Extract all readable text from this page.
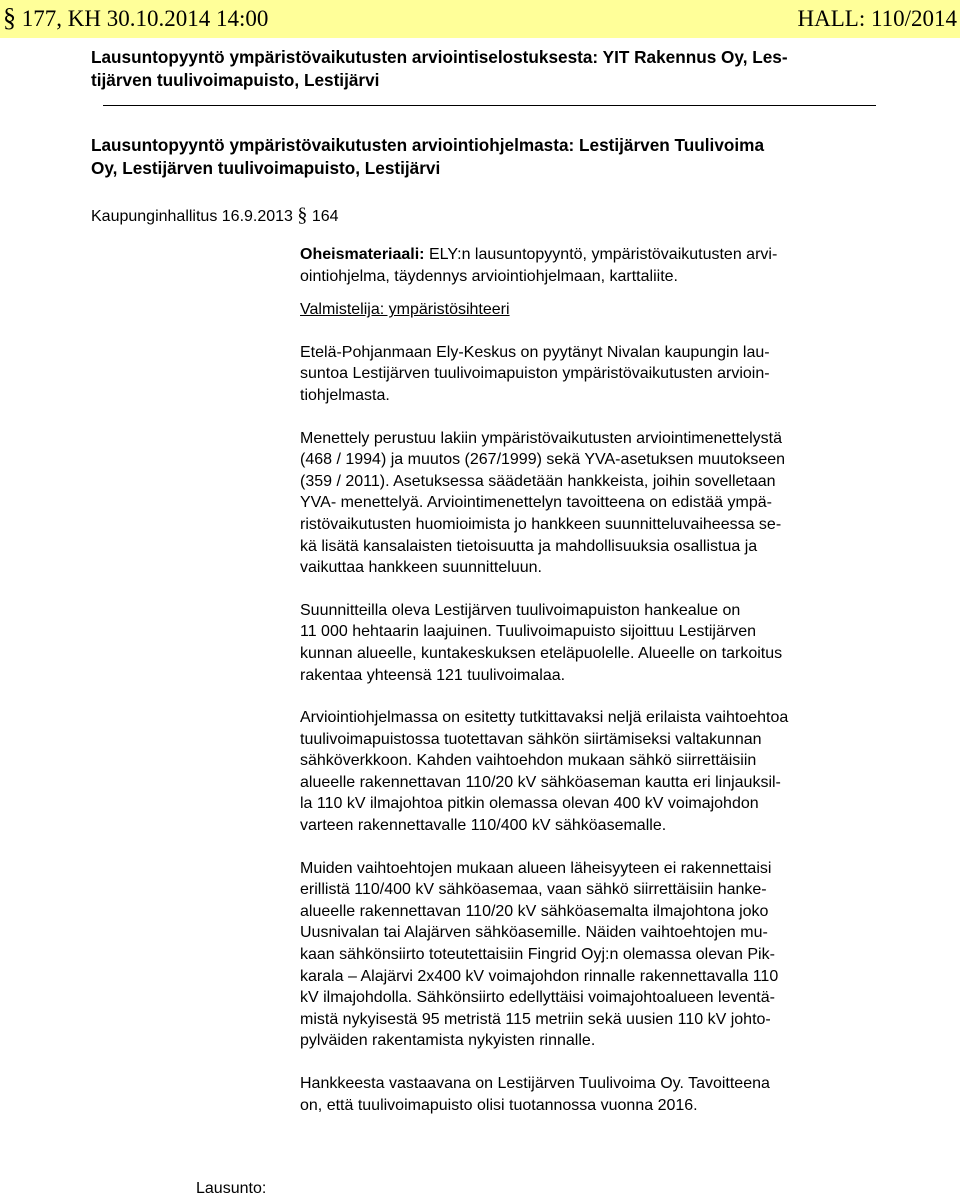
§ 177, KH 30.10.2014 14:00	HALL: 110/2014
Lausuntopyyntö ympäristövaikutusten arviointiselostuksesta: YIT Rakennus Oy, Les-
tijärven tuulivoimapuisto, Lestijärvi
Lausuntopyyntö ympäristövaikutusten arviointiohjelmasta: Lestijärven Tuulivoima
Oy, Lestijärven tuulivoimapuisto, Lestijärvi
Kaupunginhallitus 16.9.2013 § 164

Oheismateriaali: ELY:n lausuntopyyntö, ympäristövaikutusten arvi-
ointiohjelma, täydennys arviointiohjelmaan, karttaliite.

Valmistelija: ympäristösihteeri

Etelä-Pohjanmaan Ely-Keskus on pyytänyt Nivalan kaupungin lau-
suntoa Lestijärven tuulivoimapuiston ympäristövaikutusten arvioin-
tiohjelmasta.

Menettely perustuu lakiin ympäristövaikutusten arviointimenettelystä
(468 / 1994) ja muutos (267/1999) sekä YVA-asetuksen muutokseen
(359 / 2011). Asetuksessa säädetään hankkeista, joihin sovelletaan
YVA- menettelyä. Arviointimenettelyn tavoitteena on edistää ympä-
ristövaikutusten huomioimista jo hankkeen suunnitteluvaiheessa se-
kä lisätä kansalaisten tietoisuutta ja mahdollisuuksia osallistua ja
vaikuttaa hankkeen suunnitteluun.

Suunnitteilla oleva Lestijärven tuulivoimapuiston hankealue on
11 000 hehtaarin laajuinen. Tuulivoimapuisto sijoittuu Lestijärven
kunnan alueelle, kuntakeskuksen eteläpuolelle. Alueelle on tarkoitus
rakentaa yhteensä 121 tuulivoimalaa.

Arviointiohjelmassa on esitetty tutkittavaksi neljä erilaista vaihtoehtoa
tuulivoimapuistossa tuotettavan sähkön siirtämiseksi valtakunnan
sähköverkkoon. Kahden vaihtoehdon mukaan sähkö siirrettäisiin
alueelle rakennettavan 110/20 kV sähköaseman kautta eri linjauksil-
la 110 kV ilmajohtoa pitkin olemassa olevan 400 kV voimajohdon
varteen rakennettavalle 110/400 kV sähköasemalle.

Muiden vaihtoehtojen mukaan alueen läheisyyteen ei rakennettaisi
erillistä 110/400 kV sähköasemaa, vaan sähkö siirrettäisiin hanke-
alueelle rakennettavan 110/20 kV sähköasemalta ilmajohtona joko
Uusnivalan tai Alajärven sähköasemille. Näiden vaihtoehtojen mu-
kaan sähkönsiirto toteutettaisiin Fingrid Oyj:n olemassa olevan Pik-
karala – Alajärvi 2x400 kV voimajohdon rinnalle rakennettavalla 110
kV ilmajohdolla. Sähkönsiirto edellyttäisi voimajohtoalueen leventä-
mistä nykyisestä 95 metristä 115 metriin sekä uusien 110 kV johto-
pylväiden rakentamista nykyisten rinnalle.

Hankkeesta vastaavana on Lestijärven Tuulivoima Oy. Tavoitteena
on, että tuulivoimapuisto olisi tuotannossa vuonna 2016.

Lausunto:
